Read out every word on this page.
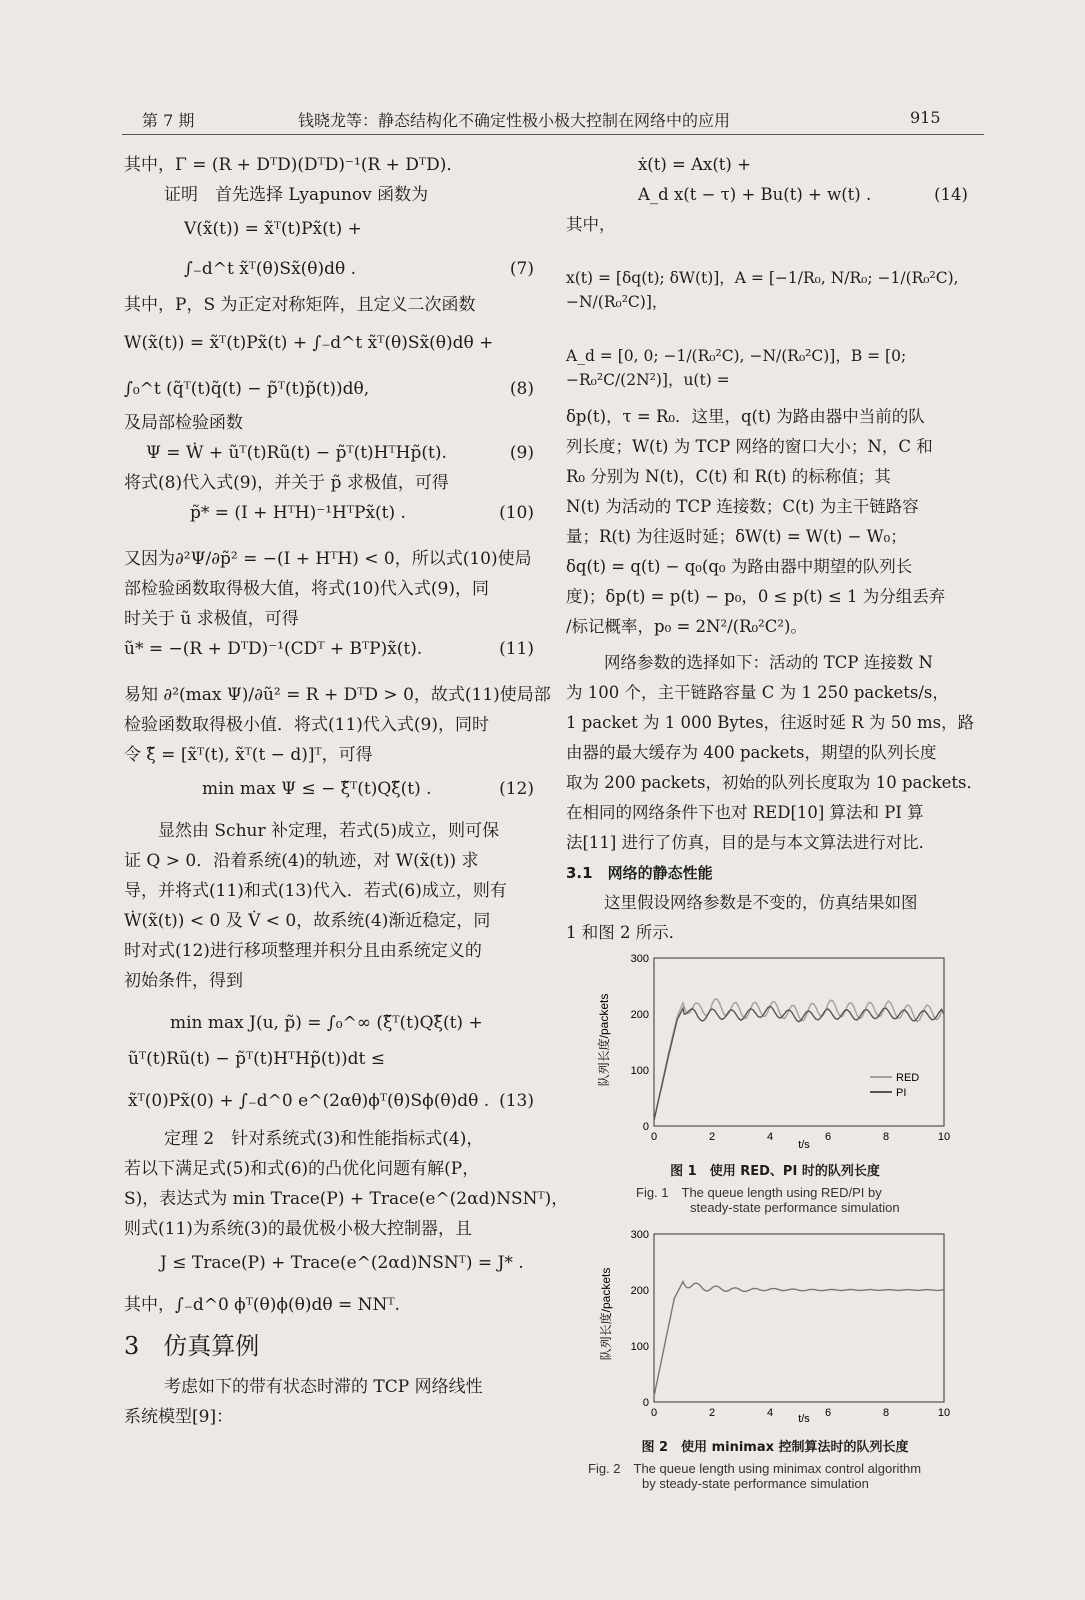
第 7 期	钱晓龙等：静态结构化不确定性极小极大控制在网络中的应用	915

其中，Γ = (R + DᵀD)(DᵀD)⁻¹(R + DᵀD)．

证明　首先选择 Lyapunov 函数为

V(x̃(t)) = x̃ᵀ(t)Px̃(t) +

∫₋d^t x̃ᵀ(θ)Sx̃(θ)dθ .	(7)

其中，P，S 为正定对称矩阵，且定义二次函数

W(x̃(t)) = x̃ᵀ(t)Px̃(t) + ∫₋d^t x̃ᵀ(θ)Sx̃(θ)dθ +

∫₀^t (q̃ᵀ(t)q̃(t) − p̃ᵀ(t)p̃(t))dθ,	(8)

及局部检验函数

Ψ = Ẇ + ũᵀ(t)Rũ(t) − p̃ᵀ(t)HᵀHp̃(t).	(9)

将式(8)代入式(9)，并关于 p̃ 求极值，可得

p̃* = (I + HᵀH)⁻¹HᵀPx̃(t) .	(10)

又因为∂²Ψ/∂p̃² = −(I + HᵀH) < 0，所以式(10)使局

部检验函数取得极大值，将式(10)代入式(9)，同

时关于 ũ 求极值，可得

ũ* = −(R + DᵀD)⁻¹(CDᵀ + BᵀP)x̃(t).	(11)

易知 ∂²(max Ψ)/∂ũ² = R + DᵀD > 0，故式(11)使局部

检验函数取得极小值．将式(11)代入式(9)，同时

令 ξ̃ = [x̃ᵀ(t), x̃ᵀ(t − d)]ᵀ，可得

min max Ψ ≤ − ξ̃ᵀ(t)Qξ̃(t) .	(12)

显然由 Schur 补定理，若式(5)成立，则可保

证 Q > 0．沿着系统(4)的轨迹，对 W(x̃(t)) 求

导，并将式(11)和式(13)代入．若式(6)成立，则有

Ẇ(x̃(t)) < 0 及 V̇ < 0，故系统(4)渐近稳定，同

时对式(12)进行移项整理并积分且由系统定义的

初始条件，得到

min max J(u, p̃) = ∫₀^∞ (ξ̃ᵀ(t)Qξ̃(t) +

ũᵀ(t)Rũ(t) − p̃ᵀ(t)HᵀHp̃(t))dt ≤

x̃ᵀ(0)Px̃(0) + ∫₋d^0 e^(2αθ)ϕᵀ(θ)Sϕ(θ)dθ . (13)

定理 2　针对系统式(3)和性能指标式(4)，

若以下满足式(5)和式(6)的凸优化问题有解(P，

S)，表达式为 min Trace(P) + Trace(e^(2αd)NSNᵀ)，

则式(11)为系统(3)的最优极小极大控制器，且

J ≤ Trace(P) + Trace(e^(2αd)NSNᵀ) = J* .

其中，∫₋d^0 ϕᵀ(θ)ϕ(θ)dθ = NNᵀ.

3　仿真算例

考虑如下的带有状态时滞的 TCP 网络线性

系统模型[9]：

ẋ(t) = Ax(t) +

A_d x(t − τ) + Bu(t) + w(t) .	(14)

其中，

x(t) = [δq(t); δW(t)]，A = [−1/R₀, N/R₀; −1/(R₀²C), −N/(R₀²C)]，

A_d = [0, 0; −1/(R₀²C), −N/(R₀²C)]，B = [0; −R₀²C/(2N²)]，u(t) =

δp(t)，τ = R₀．这里，q(t) 为路由器中当前的队

列长度；W(t) 为 TCP 网络的窗口大小；N，C 和

R₀ 分别为 N(t)，C(t) 和 R(t) 的标称值；其

N(t) 为活动的 TCP 连接数；C(t) 为主干链路容

量；R(t) 为往返时延；δW(t) = W(t) − W₀；

δq(t) = q(t) − q₀(q₀ 为路由器中期望的队列长

度)；δp(t) = p(t) − p₀，0 ≤ p(t) ≤ 1 为分组丢弃

/标记概率，p₀ = 2N²/(R₀²C²)。

网络参数的选择如下：活动的 TCP 连接数 N

为 100 个，主干链路容量 C 为 1 250 packets/s，

1 packet 为 1 000 Bytes，往返时延 R 为 50 ms，路

由器的最大缓存为 400 packets，期望的队列长度

取为 200 packets，初始的队列长度取为 10 packets．

在相同的网络条件下也对 RED[10] 算法和 PI 算

法[11] 进行了仿真，目的是与本文算法进行对比．

3.1　网络的静态性能

这里假设网络参数是不变的，仿真结果如图

1 和图 2 所示．

队列长度/packets
t/s
0	2	4	6	8	10
0
100
200
300
RED
PI
图 1　使用 RED、PI 时的队列长度
Fig. 1　The queue length using RED/PI by
steady-state performance simulation
队列长度/packets
t/s
0	2	4	6	8	10
0
100
200
300
图 2　使用 minimax 控制算法时的队列长度
Fig. 2　The queue length using minimax control algorithm
by steady-state performance simulation
